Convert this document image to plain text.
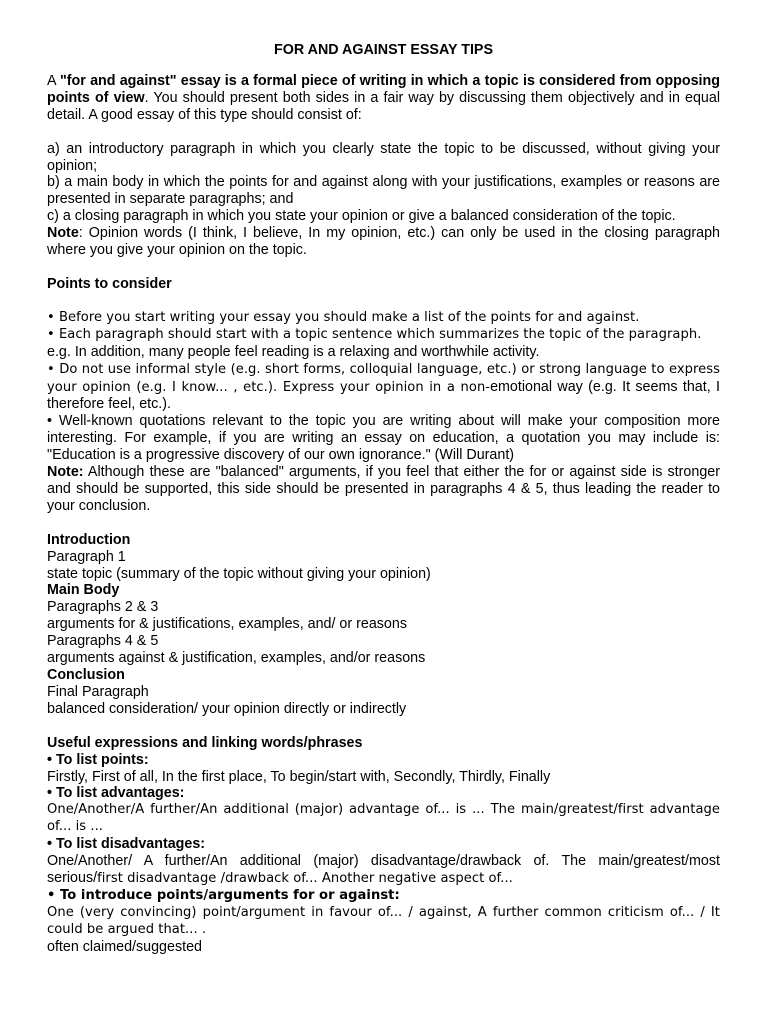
FOR AND AGAINST ESSAY TIPS

A "for and against" essay is a formal piece of writing in which a topic is considered from opposing points of view. You should present both sides in a fair way by discussing them objectively and in equal detail. A good essay of this type should consist of:

a) an introductory paragraph in which you clearly state the topic to be discussed, without giving your opinion;

b) a main body in which the points for and against along with your justifications, examples or reasons are presented in separate paragraphs; and

c) a closing paragraph in which you state your opinion or give a balanced consideration of the topic.

Note: Opinion words (I think, I believe, In my opinion, etc.) can only be used in the closing paragraph where you give your opinion on the topic.

Points to consider

• Before you start writing your essay you should make a list of the points for and against.

• Each paragraph should start with a topic sentence which summarizes the topic of the paragraph.

e.g. In addition, many people feel reading is a relaxing and worthwhile activity.

• Do not use informal style (e.g. short forms, colloquial language, etc.) or strong language to express your opinion (e.g. I know... , etc.). Express your opinion in a non-emotional way (e.g. It seems that, I therefore feel, etc.).

• Well-known quotations relevant to the topic you are writing about will make your composition more interesting. For example, if you are writing an essay on education, a quotation you may include is: "Education is a progressive discovery of our own ignorance." (Will Durant)

Note: Although these are "balanced" arguments, if you feel that either the for or against side is stronger and should be supported, this side should be presented in paragraphs 4 & 5, thus leading the reader to your conclusion.

Introduction

Paragraph 1

state topic (summary of the topic without giving your opinion)

Main Body

Paragraphs 2 & 3

arguments for & justifications, examples, and/ or reasons

Paragraphs 4 & 5

arguments against & justification, examples, and/or reasons

Conclusion

Final Paragraph

balanced consideration/ your opinion directly or indirectly

Useful expressions and linking words/phrases

• To list points:

Firstly, First of all, In the first place, To begin/start with, Secondly, Thirdly, Finally

• To list advantages:

One/Another/A further/An additional (major) advantage of... is ... The main/greatest/first advantage of... is ...

• To list disadvantages:

One/Another/ A further/An additional (major) disadvantage/drawback of. The main/greatest/most serious/first disadvantage /drawback of... Another negative aspect of...

• To introduce points/arguments for or against:

One (very convincing) point/argument in favour of... / against, A further common criticism of... / It could be argued that... .

often claimed/suggested
